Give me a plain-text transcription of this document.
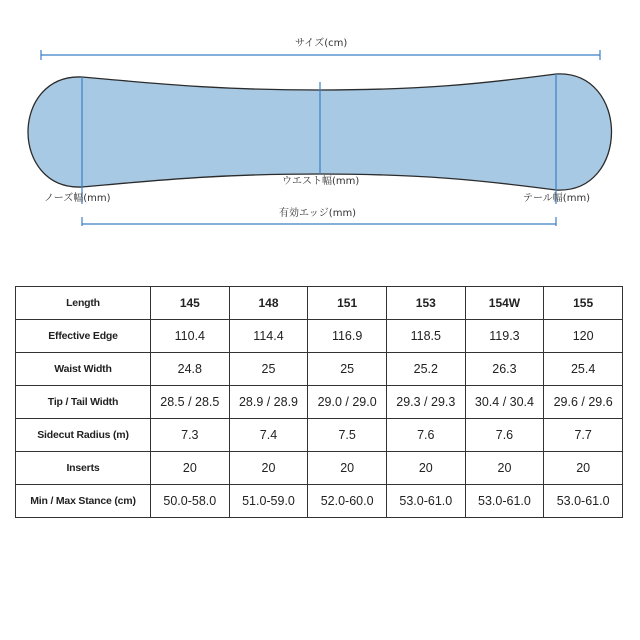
サイズ(cm)
ウエスト幅(mm)
ノーズ幅(mm)	テール幅(mm)
有効エッジ(mm)
Length	145	148	151	153	154W	155
Effective Edge	110.4	114.4	116.9	118.5	119.3	120
Waist Width	24.8	25	25	25.2	26.3	25.4
Tip / Tail Width	28.5 / 28.5	28.9 / 28.9	29.0 / 29.0	29.3 / 29.3	30.4 / 30.4	29.6 / 29.6
Sidecut Radius (m)	7.3	7.4	7.5	7.6	7.6	7.7
Inserts	20	20	20	20	20	20
Min / Max Stance (cm)	50.0-58.0	51.0-59.0	52.0-60.0	53.0-61.0	53.0-61.0	53.0-61.0
